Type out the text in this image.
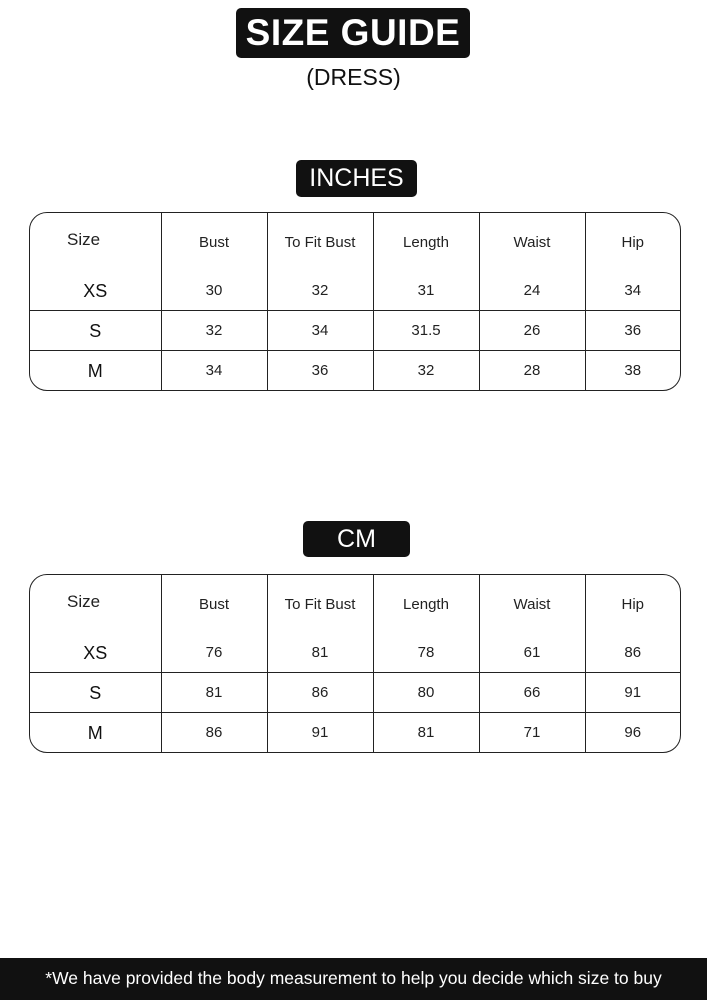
SIZE GUIDE
(DRESS)
INCHES
Size	Bust	To Fit Bust	Length	Waist	Hip
XS	30	32	31	24	34
S	32	34	31.5	26	36
M	34	36	32	28	38
CM
Size	Bust	To Fit Bust	Length	Waist	Hip
XS	76	81	78	61	86
S	81	86	80	66	91
M	86	91	81	71	96
*We have provided the body measurement to help you decide which size to buy
